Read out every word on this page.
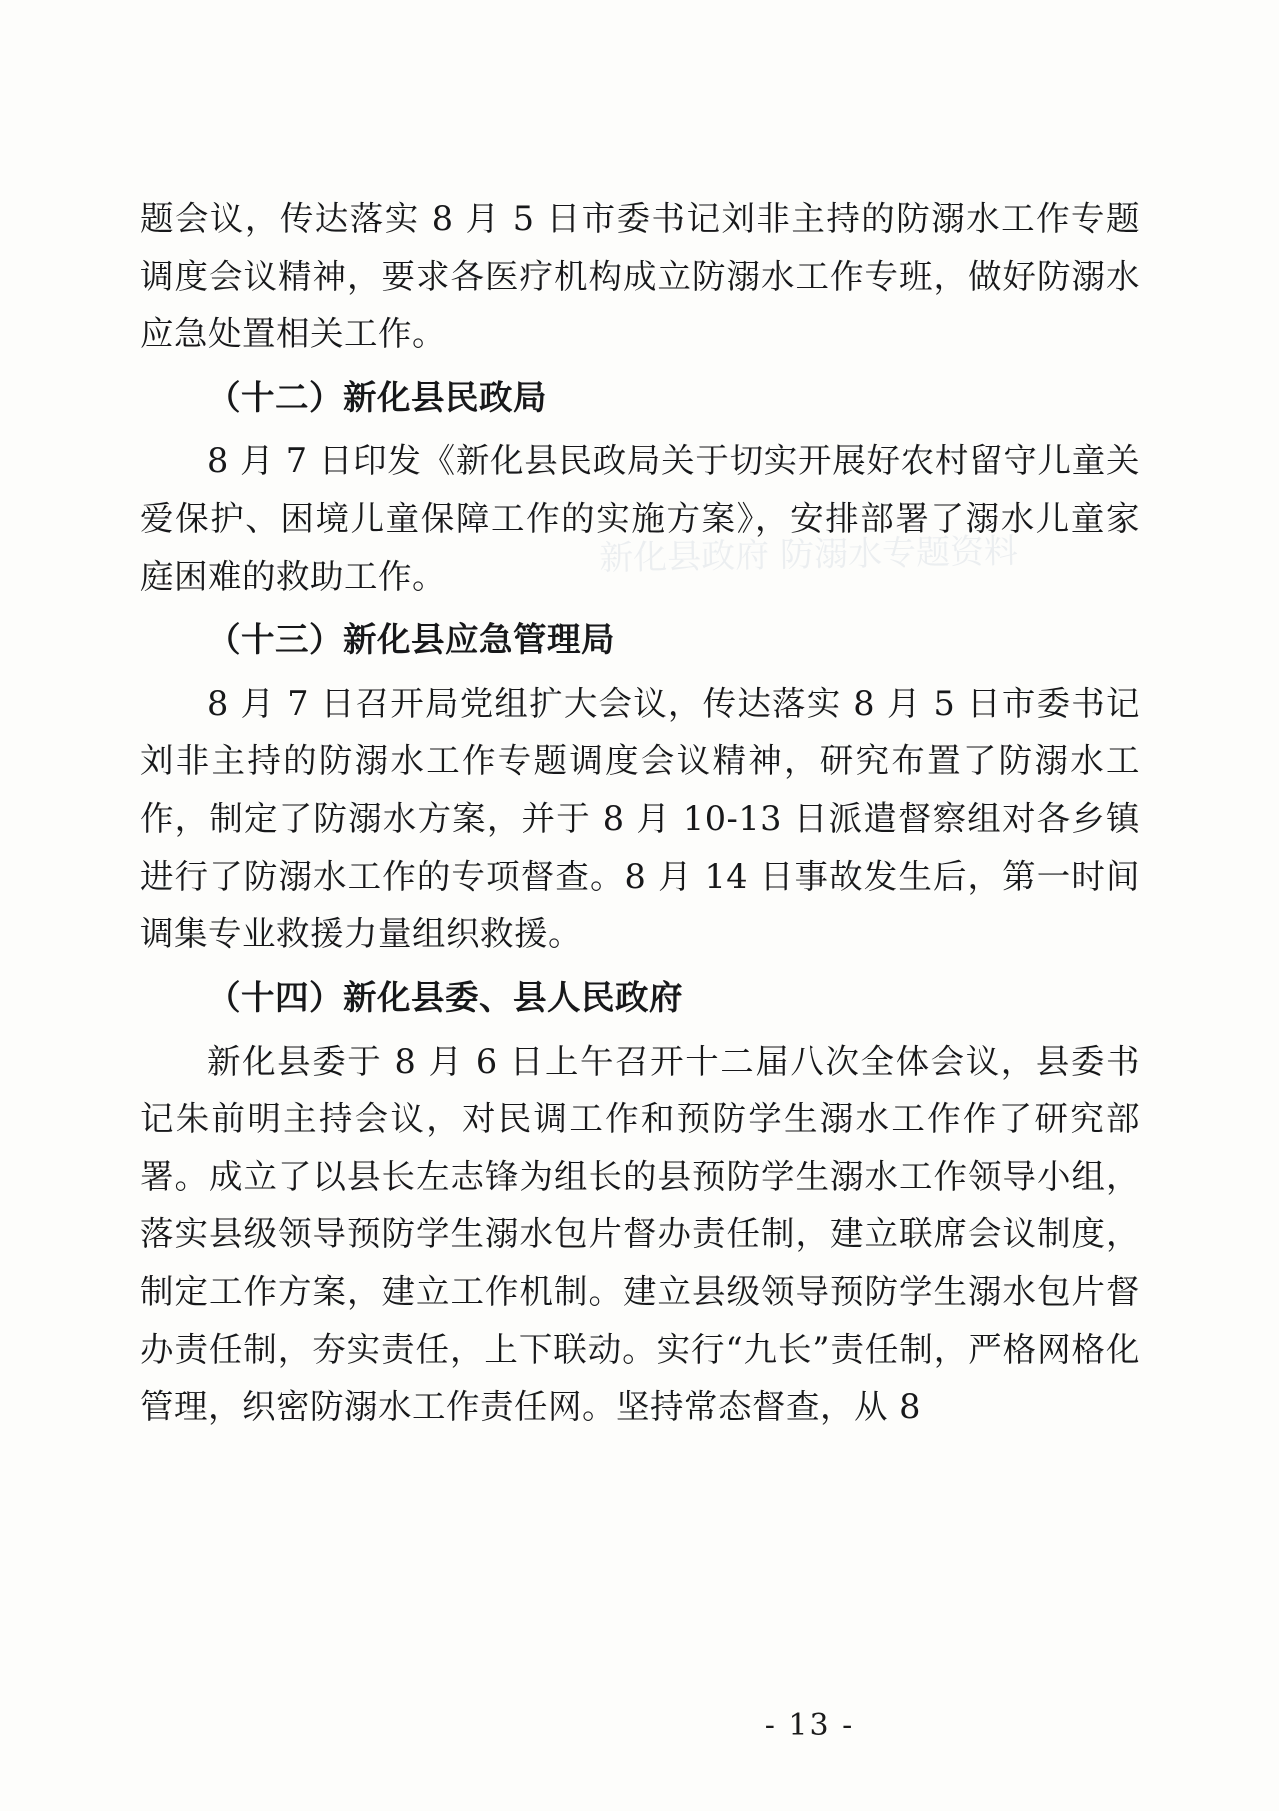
新化县政府 防溺水专题资料

题会议，传达落实 8 月 5 日市委书记刘非主持的防溺水工作专题调度会议精神，要求各医疗机构成立防溺水工作专班，做好防溺水应急处置相关工作。

（十二）新化县民政局

8 月 7 日印发《新化县民政局关于切实开展好农村留守儿童关爱保护、困境儿童保障工作的实施方案》，安排部署了溺水儿童家庭困难的救助工作。

（十三）新化县应急管理局

8 月 7 日召开局党组扩大会议，传达落实 8 月 5 日市委书记刘非主持的防溺水工作专题调度会议精神，研究布置了防溺水工作，制定了防溺水方案，并于 8 月 10-13 日派遣督察组对各乡镇进行了防溺水工作的专项督查。8 月 14 日事故发生后，第一时间调集专业救援力量组织救援。

（十四）新化县委、县人民政府

新化县委于 8 月 6 日上午召开十二届八次全体会议，县委书记朱前明主持会议，对民调工作和预防学生溺水工作作了研究部署。成立了以县长左志锋为组长的县预防学生溺水工作领导小组，落实县级领导预防学生溺水包片督办责任制，建立联席会议制度，制定工作方案，建立工作机制。建立县级领导预防学生溺水包片督办责任制，夯实责任，上下联动。实行“九长”责任制，严格网格化管理，织密防溺水工作责任网。坚持常态督查，从 8

- 13 -
